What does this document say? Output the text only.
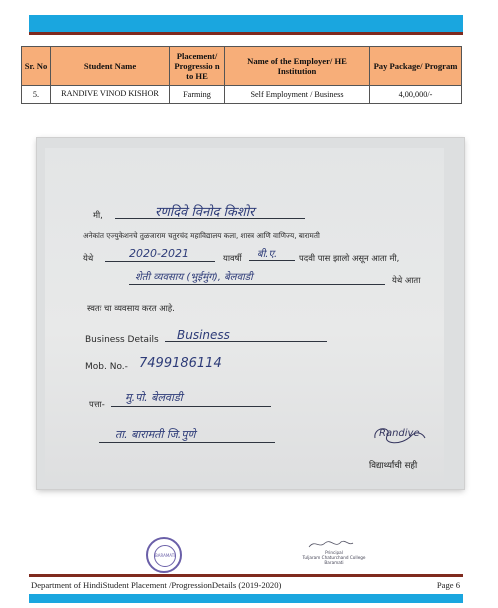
Sr. No	Student Name	Placement/ Progressio n to HE	Name of the Employer/ HE Institution	Pay Package/ Program
5.	RANDIVE VINOD KISHOR	Farming	Self Employment / Business	4,00,000/-
मी,	रणदिवे विनोद किशोर
अनेकांत एज्युकेशनचे तुळजाराम चतुरचंद महाविद्यालय कला, शास्त्र आणि वाणिज्य, बारामती
येथे	2020-2021	यावर्षी बी.ए.	पदवी पास झालो असून आता मी,
शेती व्यवसाय (भुईमुंग), बेलवाडी	येथे आता
स्वतः चा व्यवसाय करत आहे.
Business Details Business
Mob. No.- 7499186114
पत्ता- मु.पो. बेलवाडी
ता. बारामती जि.पुणे	Randive
विद्यार्थ्यांची सही
BARAMATI
Principal
Tuljaram Chaturchand College
Baramati
Department of HindiStudent Placement /ProgressionDetails (2019-2020)	Page 6
